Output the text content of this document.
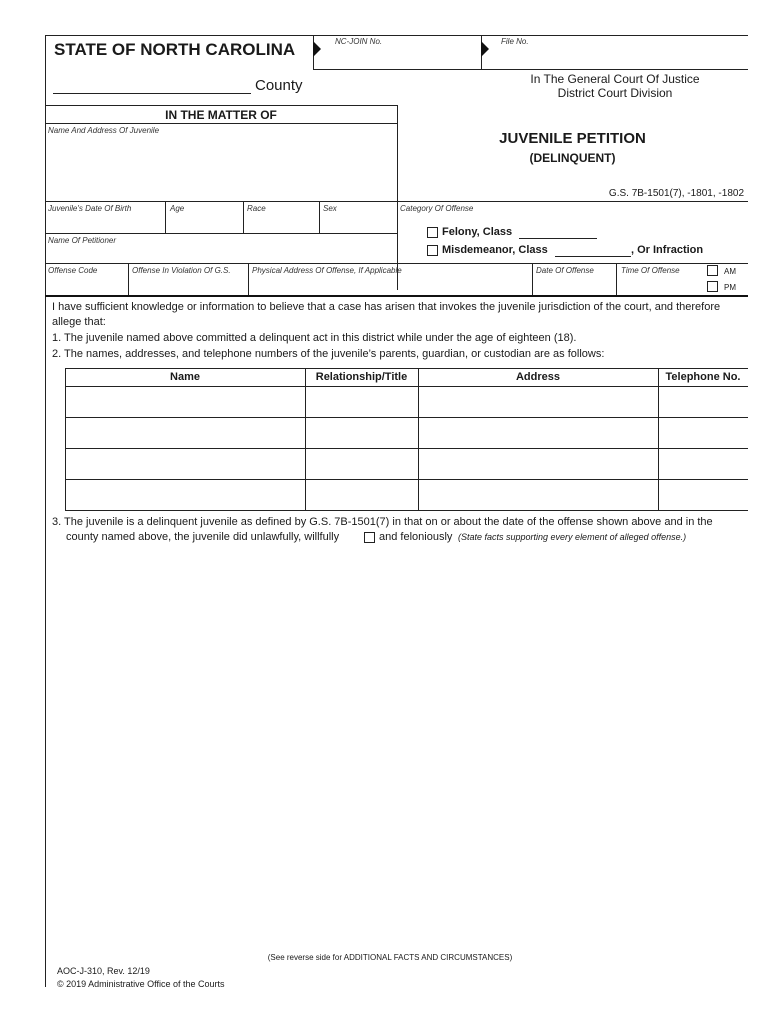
STATE OF NORTH CAROLINA	NC-JOIN No.	File No.
County	In The General Court Of Justice
District Court Division
IN THE MATTER OF
Name And Address Of Juvenile	JUVENILE PETITION
(DELINQUENT)
G.S. 7B-1501(7), -1801, -1802
Juvenile's Date Of Birth	Age	Race	Sex	Category Of Offense
Name Of Petitioner
Felony, Class
Misdemeanor, Class	, Or Infraction
Offense Code	Offense In Violation Of G.S.	Physical Address Of Offense, If Applicable	Date Of Offense	Time Of Offense	AM
PM
I have sufficient knowledge or information to believe that a case has arisen that invokes the juvenile jurisdiction of the court, and therefore
allege that:
1. The juvenile named above committed a delinquent act in this district while under the age of eighteen (18).
2. The names, addresses, and telephone numbers of the juvenile’s parents, guardian, or custodian are as follows:
Name	Relationship/Title	Address	Telephone No.
3. The juvenile is a delinquent juvenile as defined by G.S. 7B-1501(7) in that on or about the date of the offense shown above and in the
county named above, the juvenile did unlawfully, willfully	and feloniously (State facts supporting every element of alleged offense.)
(See reverse side for ADDITIONAL FACTS AND CIRCUMSTANCES)
AOC-J-310, Rev. 12/19
© 2019 Administrative Office of the Courts
